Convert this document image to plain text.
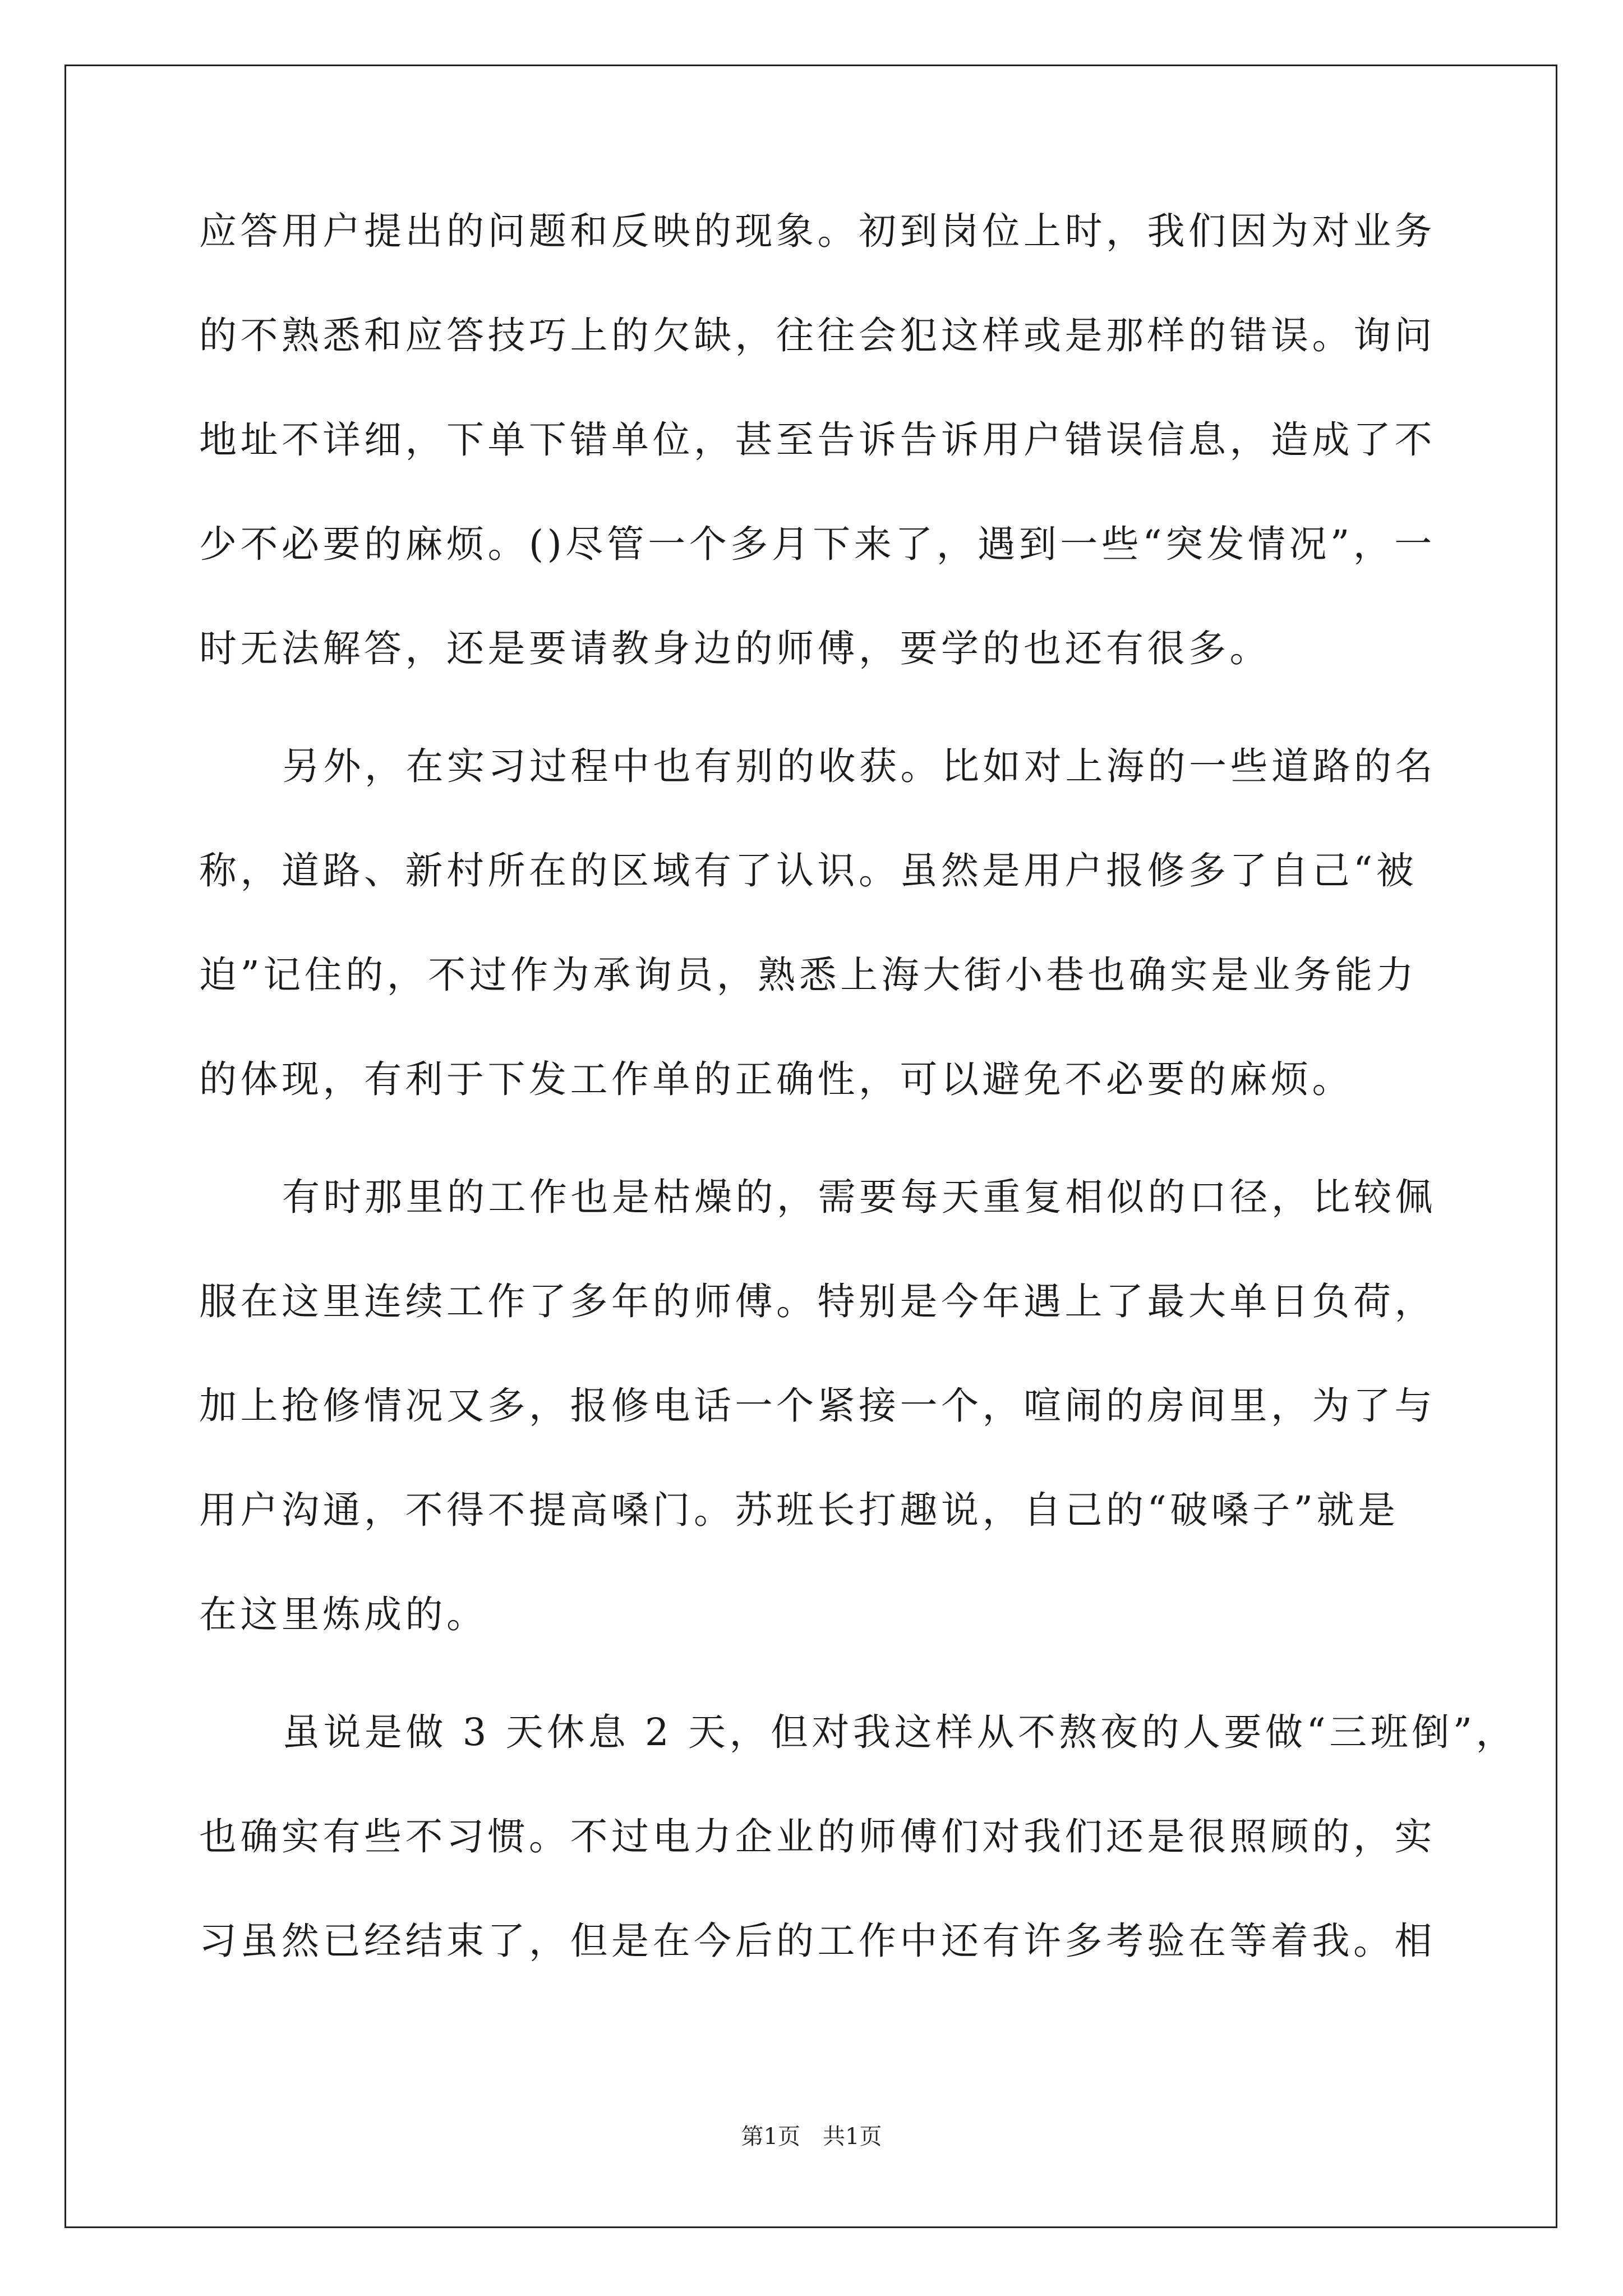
应答用户提出的问题和反映的现象。初到岗位上时，我们因为对业务
的不熟悉和应答技巧上的欠缺，往往会犯这样或是那样的错误。询问
地址不详细，下单下错单位，甚至告诉告诉用户错误信息，造成了不
少不必要的麻烦。()尽管一个多月下来了，遇到一些“突发情况”，一
时无法解答，还是要请教身边的师傅，要学的也还有很多。
另外，在实习过程中也有别的收获。比如对上海的一些道路的名
称，道路、新村所在的区域有了认识。虽然是用户报修多了自己“被
迫”记住的，不过作为承询员，熟悉上海大街小巷也确实是业务能力
的体现，有利于下发工作单的正确性，可以避免不必要的麻烦。
有时那里的工作也是枯燥的，需要每天重复相似的口径，比较佩
服在这里连续工作了多年的师傅。特别是今年遇上了最大单日负荷，
加上抢修情况又多，报修电话一个紧接一个，喧闹的房间里，为了与
用户沟通，不得不提高嗓门。苏班长打趣说，自己的“破嗓子”就是
在这里炼成的。
虽说是做 3 天休息 2 天，但对我这样从不熬夜的人要做“三班倒”，
也确实有些不习惯。不过电力企业的师傅们对我们还是很照顾的，实
习虽然已经结束了，但是在今后的工作中还有许多考验在等着我。相
第1页 共1页
